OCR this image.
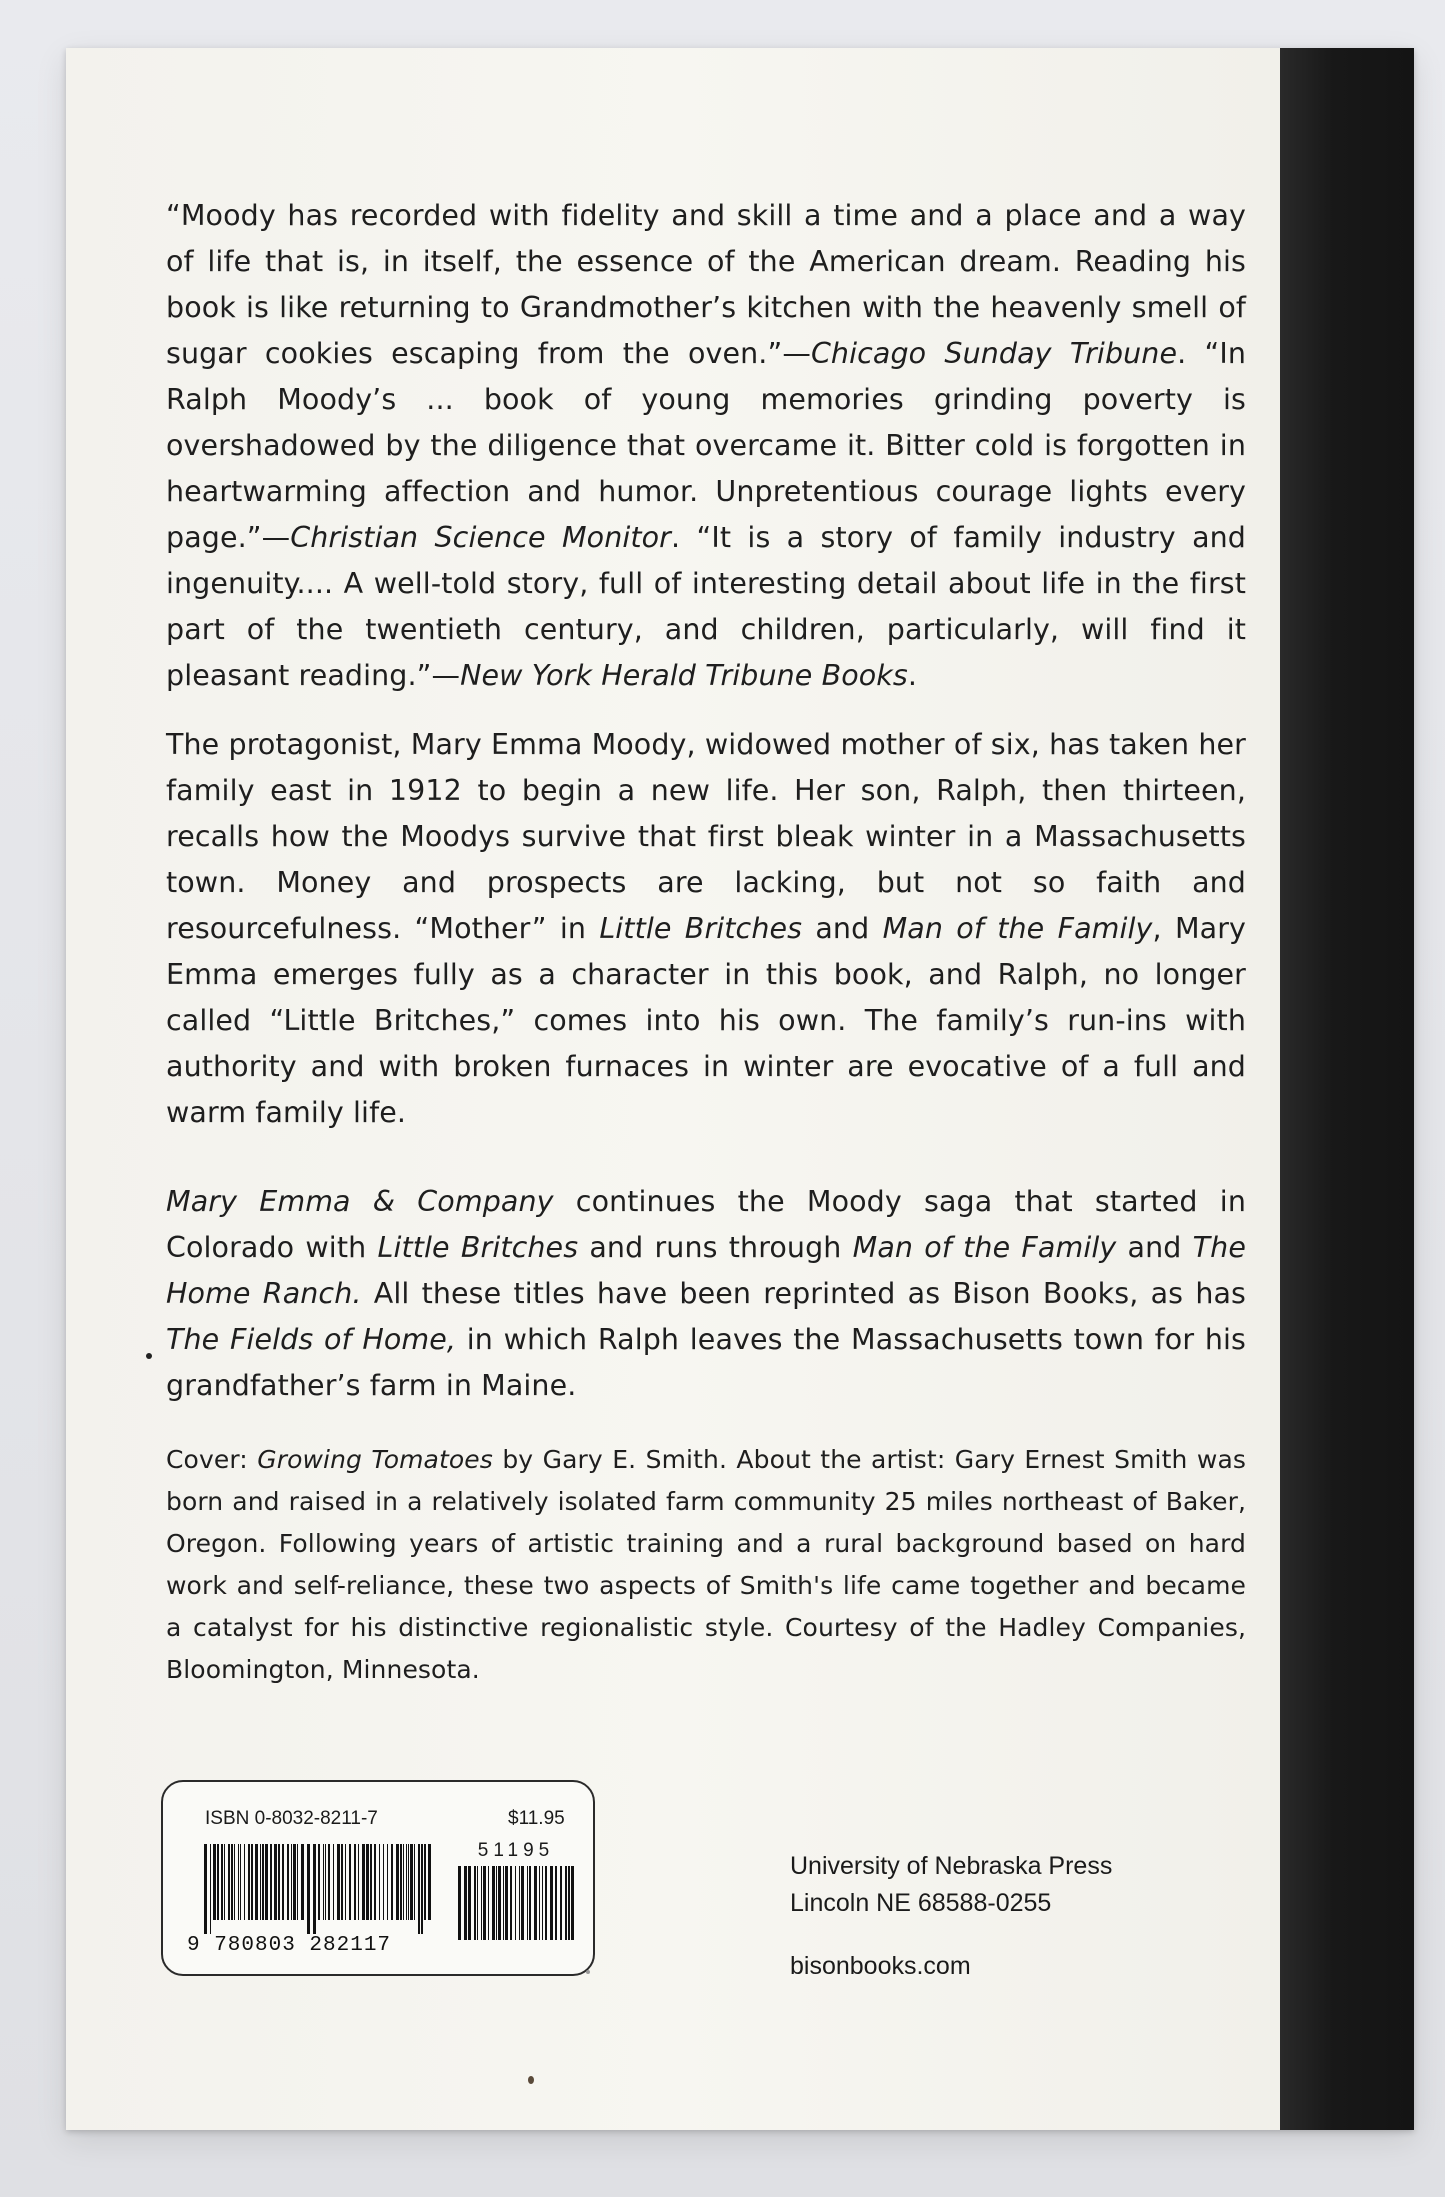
“Moody has recorded with fidelity and skill a time and a place and a way of life that is, in itself, the essence of the American dream. Reading his book is like returning to Grandmother’s kitchen with the heavenly smell of sugar cookies escaping from the oven.”—Chicago Sunday Tribune. “In Ralph Moody’s ... book of young memories grinding poverty is overshadowed by the diligence that overcame it. Bitter cold is forgotten in heartwarming affection and humor. Unpretentious courage lights every page.”—Christian Science Monitor. “It is a story of family industry and ingenuity.... A well-told story, full of interesting detail about life in the first part of the twentieth century, and children, particularly, will find it pleasant reading.”—New York Herald Tribune Books.

The protagonist, Mary Emma Moody, widowed mother of six, has taken her family east in 1912 to begin a new life. Her son, Ralph, then thirteen, recalls how the Moodys survive that first bleak winter in a Massachusetts town. Money and prospects are lacking, but not so faith and resourcefulness. “Mother” in Little Britches and Man of the Family, Mary Emma emerges fully as a character in this book, and Ralph, no longer called “Little Britches,” comes into his own. The family’s run-ins with authority and with broken furnaces in winter are evocative of a full and warm family life.

Mary Emma & Company continues the Moody saga that started in Colorado with Little Britches and runs through Man of the Family and The Home Ranch. All these titles have been reprinted as Bison Books, as has The Fields of Home, in which Ralph leaves the Massachusetts town for his grandfather’s farm in Maine.

Cover: Growing Tomatoes by Gary E. Smith. About the artist: Gary Ernest Smith was born and raised in a relatively isolated farm community 25 miles northeast of Baker, Oregon. Following years of artistic training and a rural background based on hard work and self-reliance, these two aspects of Smith's life came together and became a catalyst for his distinctive regionalistic style. Courtesy of the Hadley Companies, Bloomington, Minnesota.

ISBN 0-8032-8211-7	$11.95
51195
9 780803 282117
University of Nebraska Press
Lincoln NE 68588-0255
bisonbooks.com
